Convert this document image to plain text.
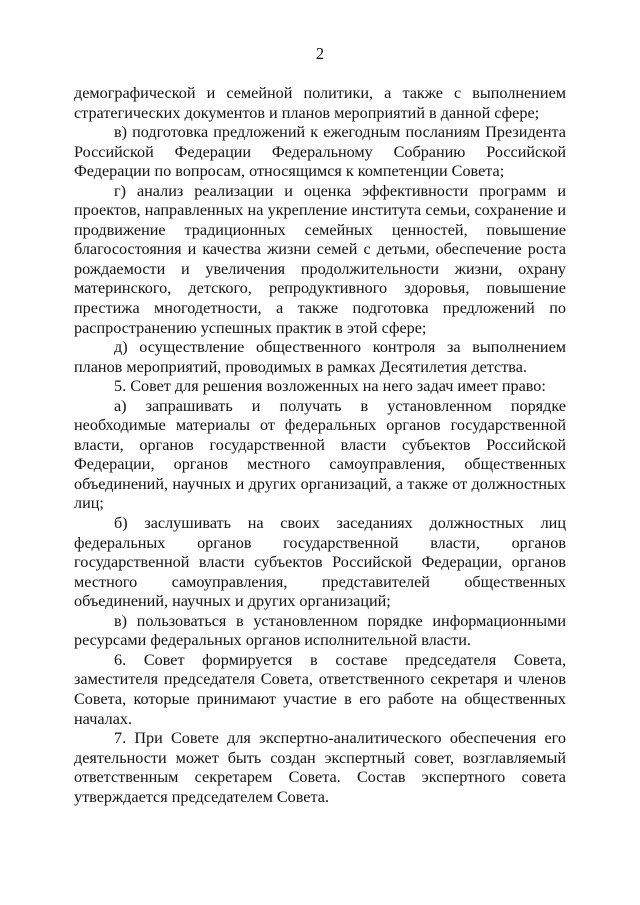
2

демографической и семейной политики, а также с выполнением стратегических документов и планов мероприятий в данной сфере;

в) подготовка предложений к ежегодным посланиям Президента Российской Федерации Федеральному Собранию Российской Федерации по вопросам, относящимся к компетенции Совета;

г) анализ реализации и оценка эффективности программ и проектов, направленных на укрепление института семьи, сохранение и продвижение традиционных семейных ценностей, повышение благосостояния и качества жизни семей с детьми, обеспечение роста рождаемости и увеличения продолжительности жизни, охрану материнского, детского, репродуктивного здоровья, повышение престижа многодетности, а также подготовка предложений по распространению успешных практик в этой сфере;

д) осуществление общественного контроля за выполнением планов мероприятий, проводимых в рамках Десятилетия детства.

5. Совет для решения возложенных на него задач имеет право:

а) запрашивать и получать в установленном порядке необходимые материалы от федеральных органов государственной власти, органов государственной власти субъектов Российской Федерации, органов местного самоуправления, общественных объединений, научных и других организаций, а также от должностных лиц;

б) заслушивать на своих заседаниях должностных лиц федеральных органов государственной власти, органов государственной власти субъектов Российской Федерации, органов местного самоуправления, представителей общественных объединений, научных и других организаций;

в) пользоваться в установленном порядке информационными ресурсами федеральных органов исполнительной власти.

6. Совет формируется в составе председателя Совета, заместителя председателя Совета, ответственного секретаря и членов Совета, которые принимают участие в его работе на общественных началах.

7. При Совете для экспертно-аналитического обеспечения его деятельности может быть создан экспертный совет, возглавляемый ответственным секретарем Совета. Состав экспертного совета утверждается председателем Совета.
